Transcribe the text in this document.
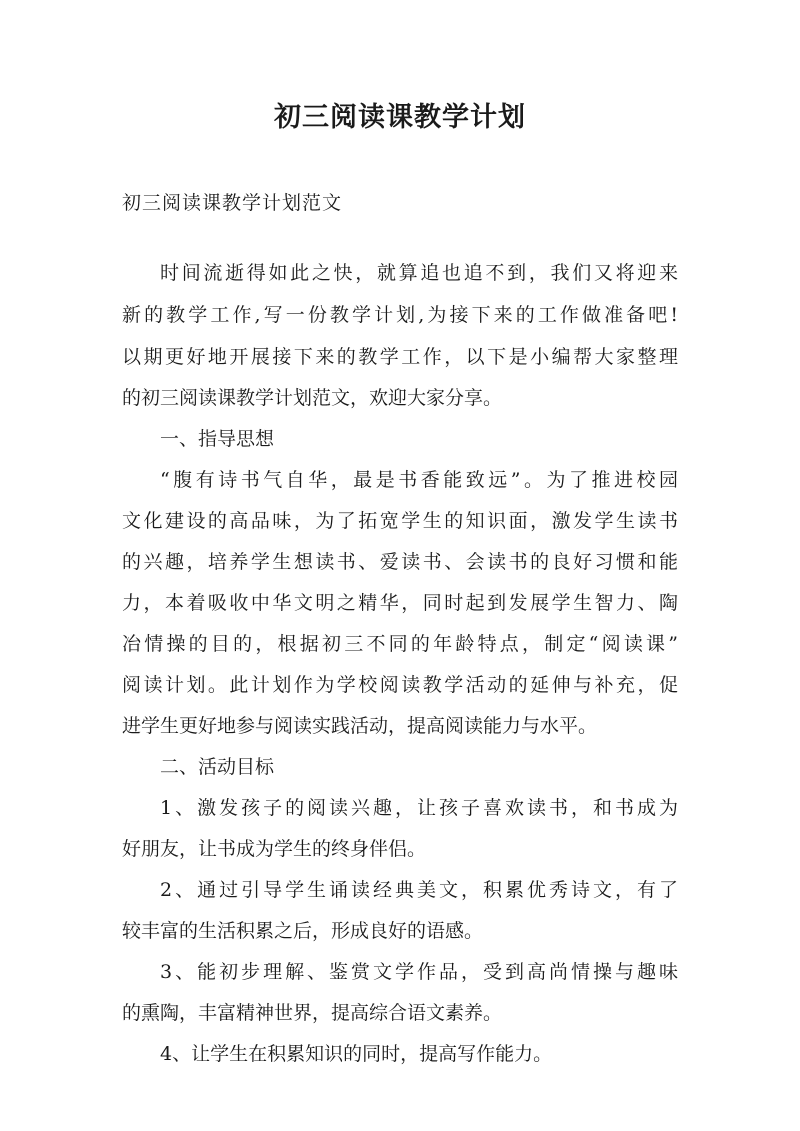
初三阅读课教学计划
初三阅读课教学计划范文
时间流逝得如此之快，就算追也追不到，我们又将迎来
新的教学工作,写一份教学计划,为接下来的工作做准备吧!
以期更好地开展接下来的教学工作，以下是小编帮大家整理
的初三阅读课教学计划范文，欢迎大家分享。
一、指导思想
“腹有诗书气自华，最是书香能致远”。为了推进校园
文化建设的高品味，为了拓宽学生的知识面，激发学生读书
的兴趣，培养学生想读书、爱读书、会读书的良好习惯和能
力，本着吸收中华文明之精华，同时起到发展学生智力、陶
冶情操的目的，根据初三不同的年龄特点，制定“阅读课”
阅读计划。此计划作为学校阅读教学活动的延伸与补充，促
进学生更好地参与阅读实践活动，提高阅读能力与水平。
二、活动目标
1、激发孩子的阅读兴趣，让孩子喜欢读书，和书成为
好朋友，让书成为学生的终身伴侣。
2、通过引导学生诵读经典美文，积累优秀诗文，有了
较丰富的生活积累之后，形成良好的语感。
3、能初步理解、鉴赏文学作品，受到高尚情操与趣味
的熏陶，丰富精神世界，提高综合语文素养。
4、让学生在积累知识的同时，提高写作能力。
